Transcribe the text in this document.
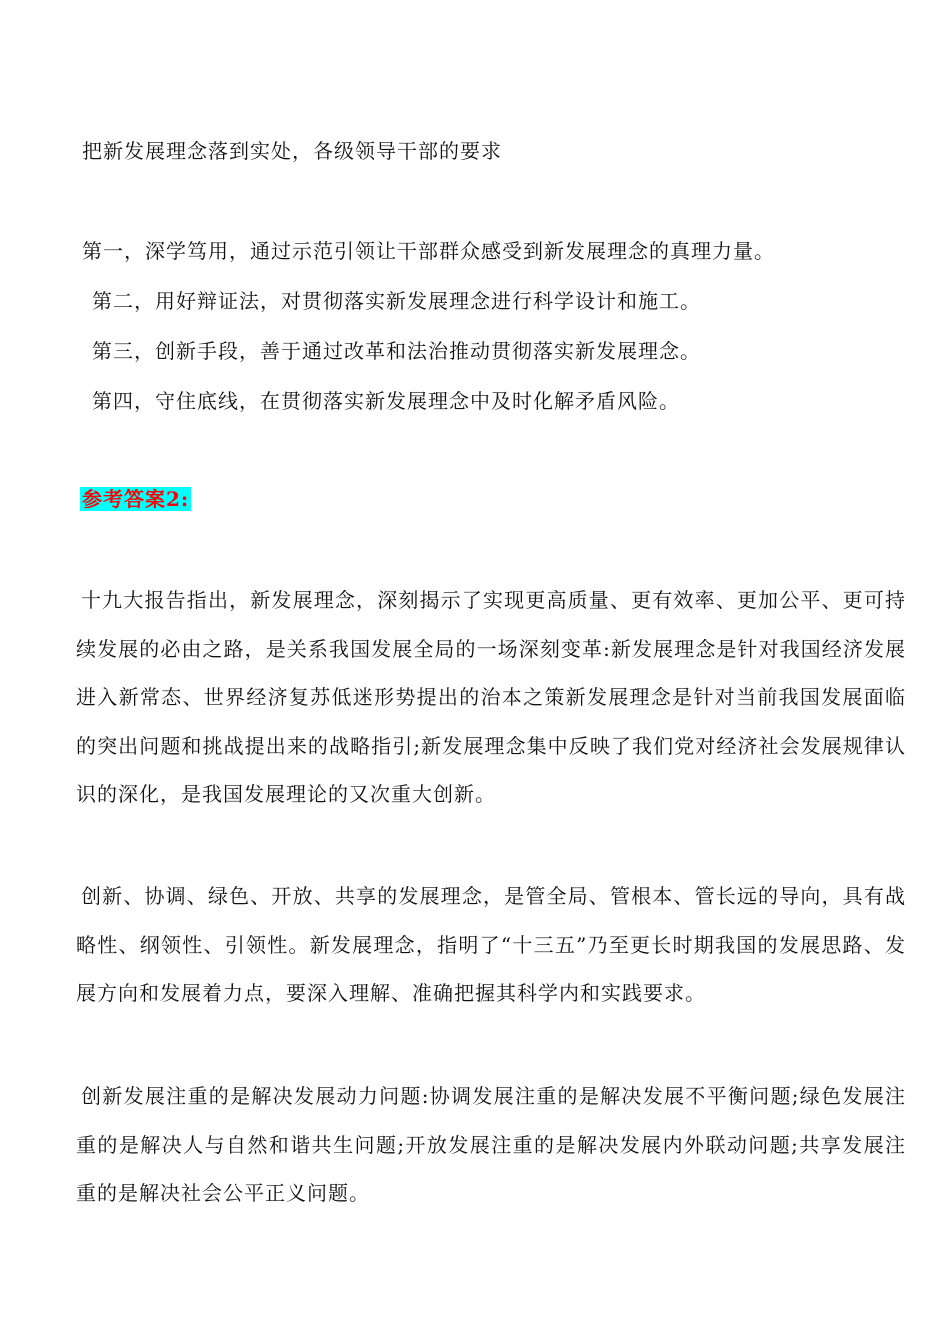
把新发展理念落到实处，各级领导干部的要求
第一，深学笃用，通过示范引领让干部群众感受到新发展理念的真理力量。
第二，用好辩证法，对贯彻落实新发展理念进行科学设计和施工。
第三，创新手段，善于通过改革和法治推动贯彻落实新发展理念。
第四，守住底线，在贯彻落实新发展理念中及时化解矛盾风险。
参考答案2:
十九大报告指出，新发展理念，深刻揭示了实现更高质量、更有效率、更加公平、更可持续发展的必由之路，是关系我国发展全局的一场深刻变革:新发展理念是针对我国经济发展进入新常态、世界经济复苏低迷形势提出的治本之策新发展理念是针对当前我国发展面临的突出问题和挑战提出来的战略指引;新发展理念集中反映了我们党对经济社会发展规律认识的深化，是我国发展理论的又次重大创新。
创新、协调、绿色、开放、共享的发展理念，是管全局、管根本、管长远的导向，具有战略性、纲领性、引领性。新发展理念，指明了“十三五”乃至更长时期我国的发展思路、发展方向和发展着力点，要深入理解、准确把握其科学内和实践要求。
创新发展注重的是解决发展动力问题:协调发展注重的是解决发展不平衡问题;绿色发展注重的是解决人与自然和谐共生问题;开放发展注重的是解决发展内外联动问题;共享发展注重的是解决社会公平正义问题。
